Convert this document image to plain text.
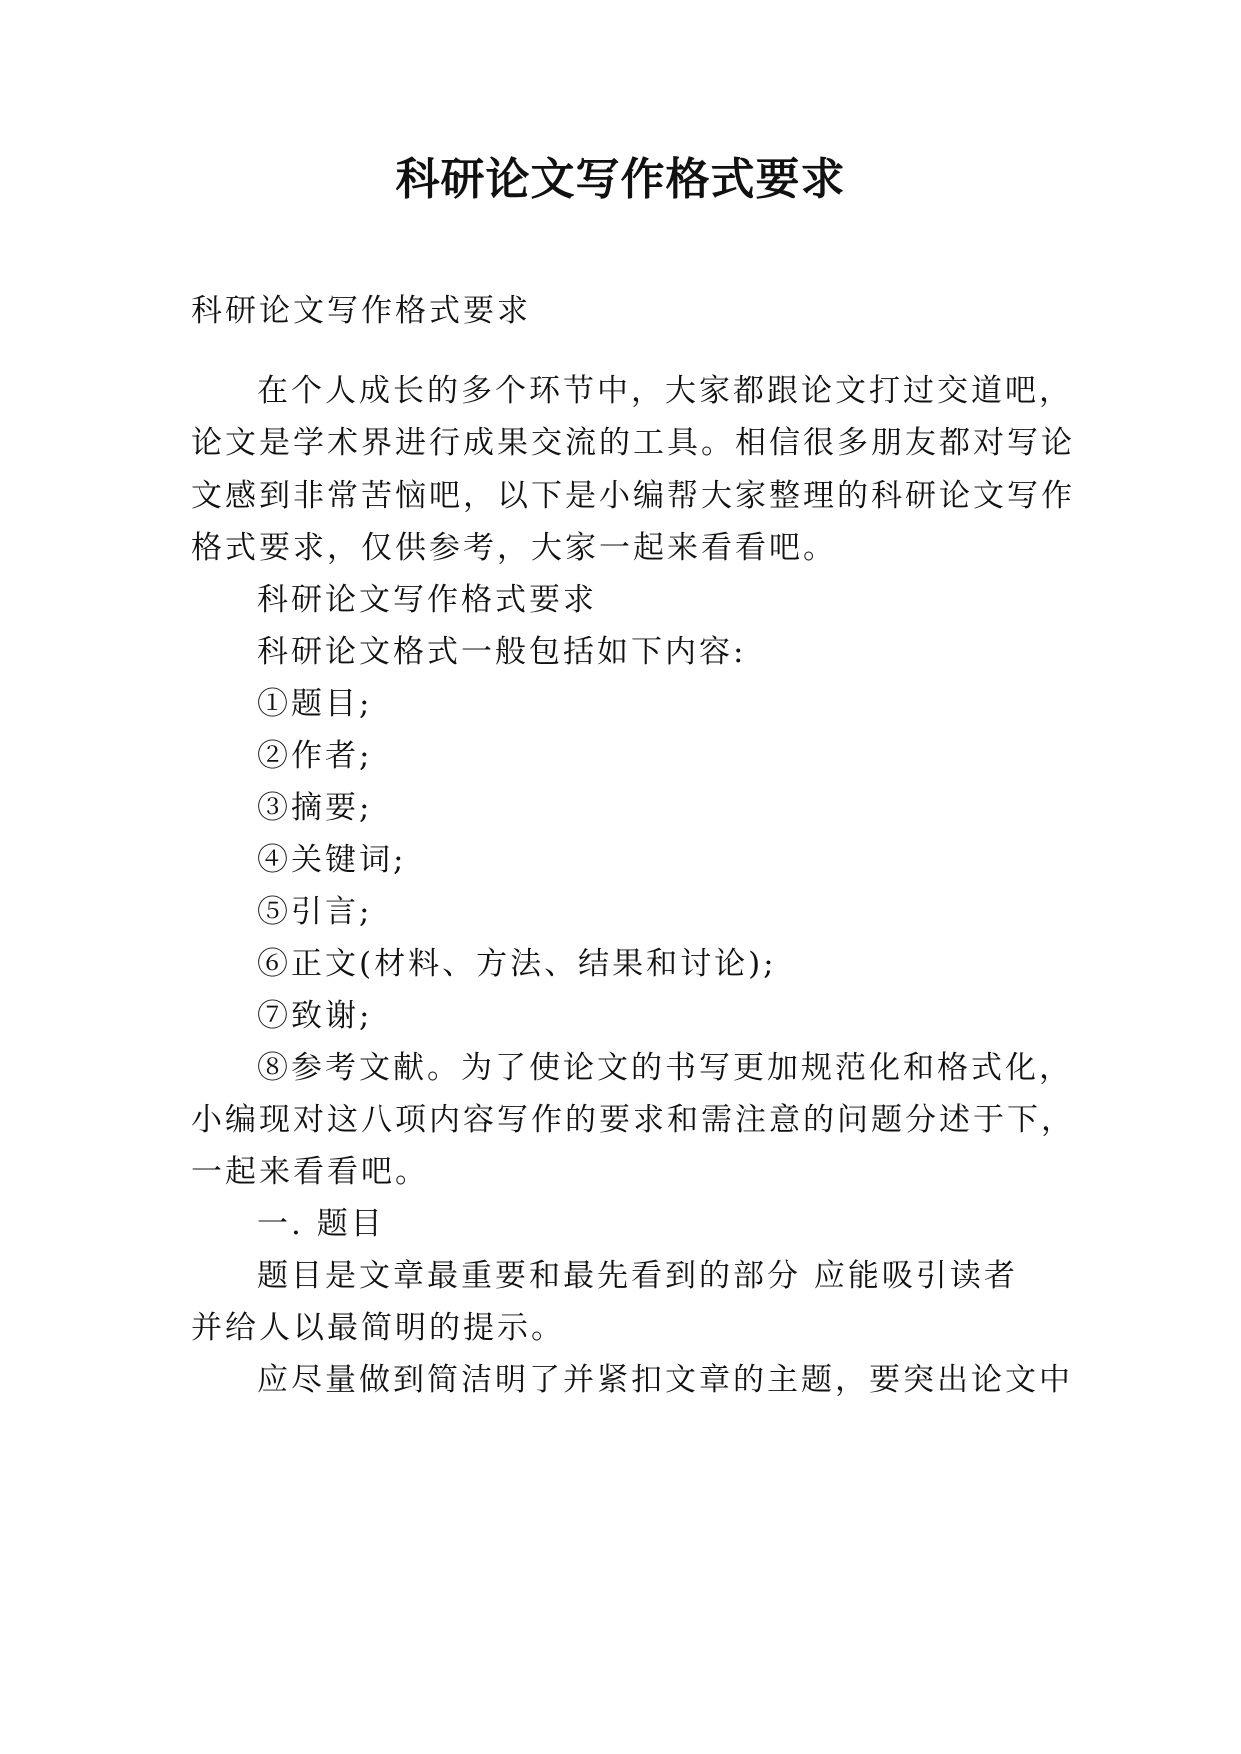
科研论文写作格式要求

科研论文写作格式要求

在个人成长的多个环节中，大家都跟论文打过交道吧，

论文是学术界进行成果交流的工具。相信很多朋友都对写论

文感到非常苦恼吧，以下是小编帮大家整理的科研论文写作

格式要求，仅供参考，大家一起来看看吧。

科研论文写作格式要求

科研论文格式一般包括如下内容:

①题目;

②作者;

③摘要;

④关键词;

⑤引言;

⑥正文(材料、方法、结果和讨论);

⑦致谢;

⑧参考文献。为了使论文的书写更加规范化和格式化，

小编现对这八项内容写作的要求和需注意的问题分述于下，

一起来看看吧。

一. 题目

题目是文章最重要和最先看到的部分 应能吸引读者

并给人以最简明的提示。

应尽量做到简洁明了并紧扣文章的主题，要突出论文中
